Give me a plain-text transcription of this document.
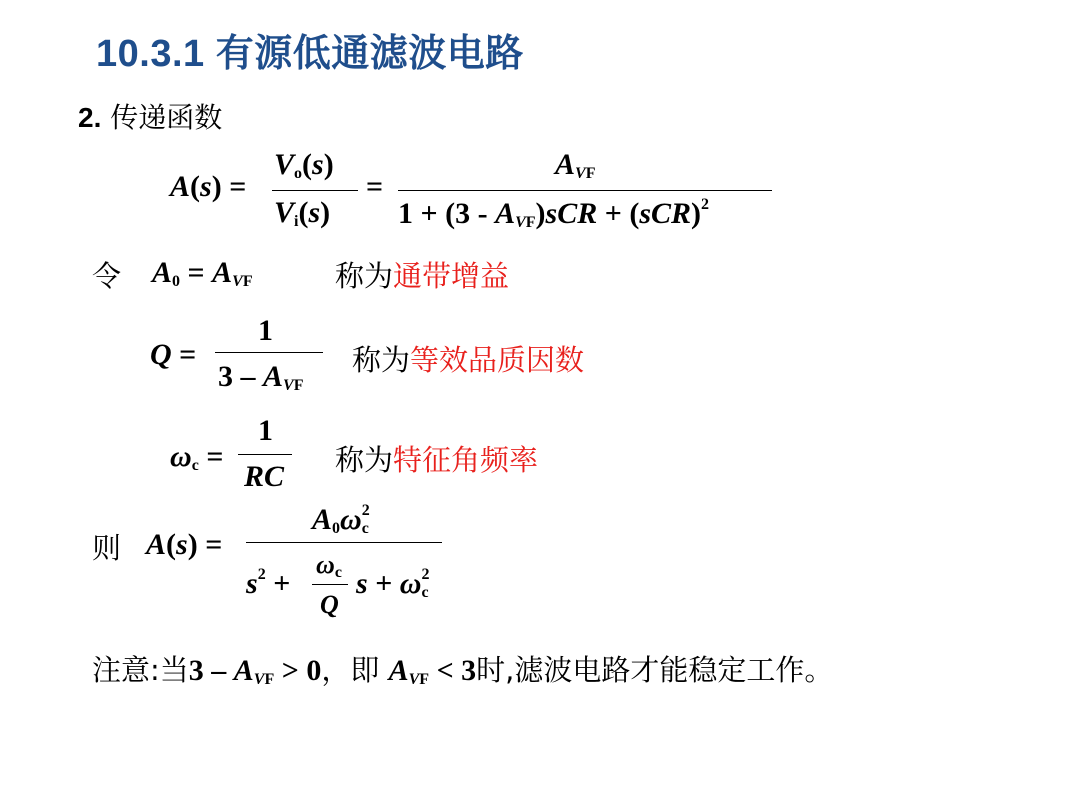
10.3.1 有源低通滤波电路
2. 传递函数
A(s) =
$V_o(s)$
$V_i(s)$
=
$A_{VF}$
$1 + (3 - A_{VF})sCR + (sCR)^2$
令 $A_0 = A_{VF}$	称为通带增益
Q =
1
$3 - A_{VF}$
称为等效品质因数
$\omega_c$ =
1
RC 称为特征角频率
则 A(s) =
$A_0\omega^2_c$
$s^2$ +
$\omega_c$
Q
$s + \omega^2_c$
注意:当$3 - A_{VF} > 0$，即 $A_{VF} < 3$时,滤波电路才能稳定工作。
